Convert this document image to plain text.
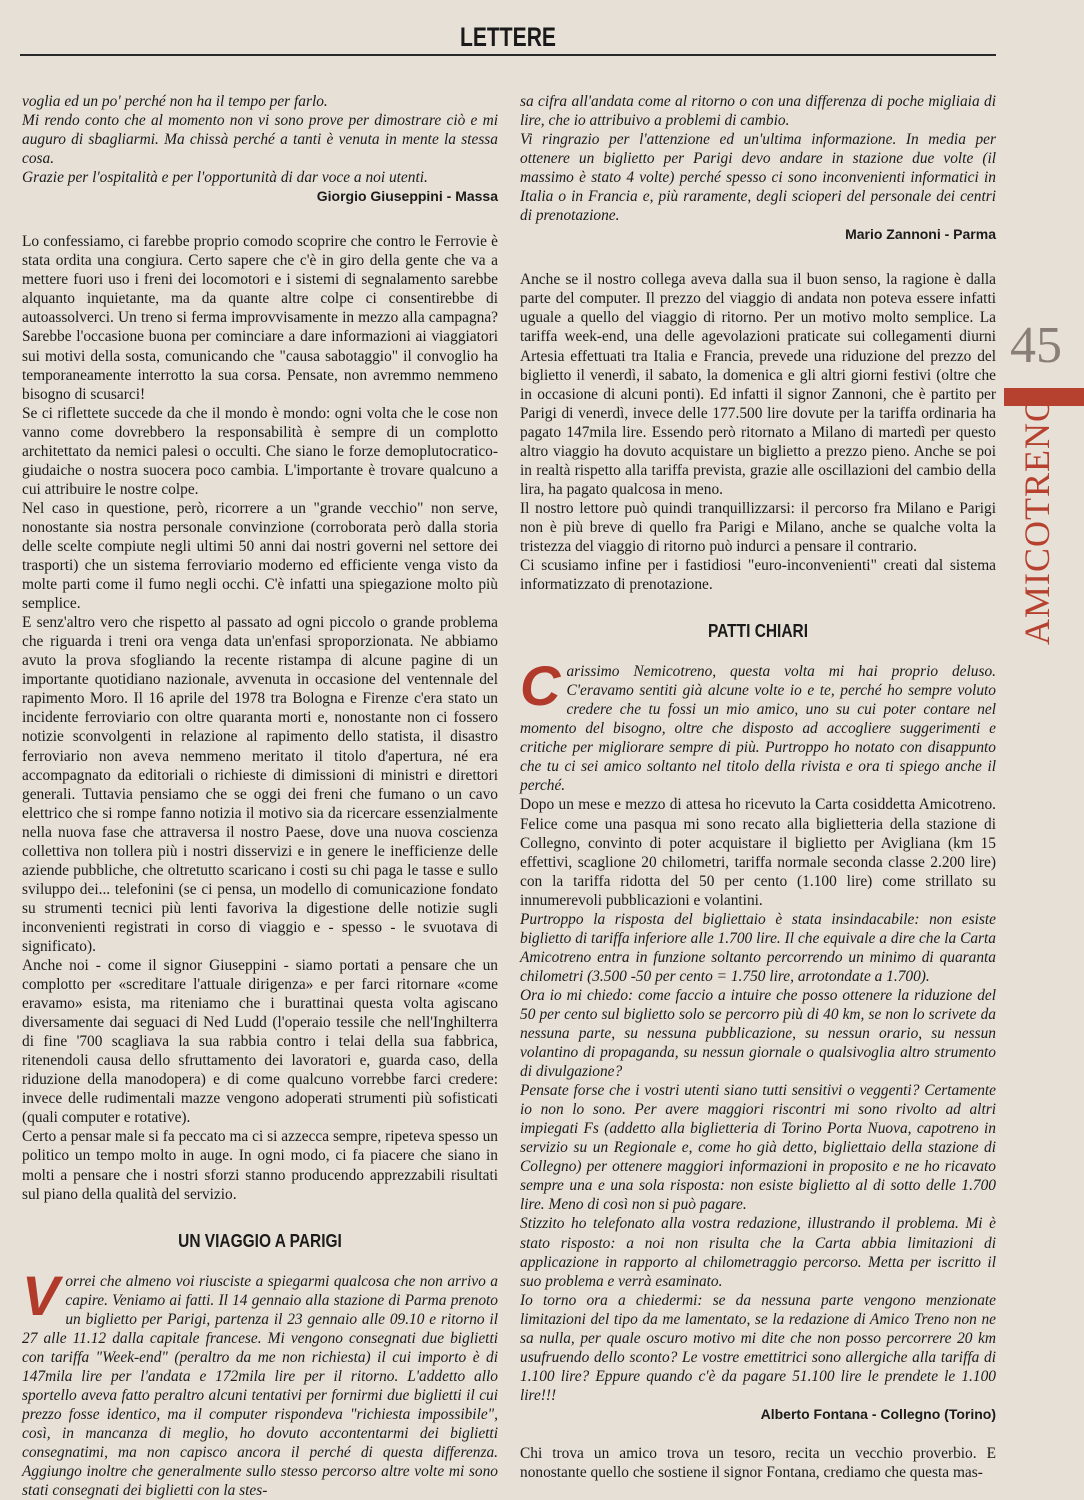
LETTERE

voglia ed un po' perché non ha il tempo per farlo.

Mi rendo conto che al momento non vi sono prove per dimostrare ciò e mi auguro di sbagliarmi. Ma chissà perché a tanti è venuta in mente la stessa cosa.

Grazie per l'ospitalità e per l'opportunità di dar voce a noi utenti.

Giorgio Giuseppini - Massa

Lo confessiamo, ci farebbe proprio comodo scoprire che contro le Ferrovie è stata ordita una congiura. Certo sapere che c'è in giro della gente che va a mettere fuori uso i freni dei locomotori e i sistemi di segnalamento sarebbe alquanto inquietante, ma da quante altre colpe ci consentirebbe di autoassolverci. Un treno si ferma improvvisamente in mezzo alla campagna? Sarebbe l'occasione buona per cominciare a dare informazioni ai viaggiatori sui motivi della sosta, comunicando che "causa sabotaggio" il convoglio ha temporaneamente interrotto la sua corsa. Pensate, non avremmo nemmeno bisogno di scusarci!

Se ci riflettete succede da che il mondo è mondo: ogni volta che le cose non vanno come dovrebbero la responsabilità è sempre di un complotto architettato da nemici palesi o occulti. Che siano le forze demoplutocratico-giudaiche o nostra suocera poco cambia. L'importante è trovare qualcuno a cui attribuire le nostre colpe.

Nel caso in questione, però, ricorrere a un "grande vecchio" non serve, nonostante sia nostra personale convinzione (corroborata però dalla storia delle scelte compiute negli ultimi 50 anni dai nostri governi nel settore dei trasporti) che un sistema ferroviario moderno ed efficiente venga visto da molte parti come il fumo negli occhi. C'è infatti una spiegazione molto più semplice.

E senz'altro vero che rispetto al passato ad ogni piccolo o grande problema che riguarda i treni ora venga data un'enfasi sproporzionata. Ne abbiamo avuto la prova sfogliando la recente ristampa di alcune pagine di un importante quotidiano nazionale, avvenuta in occasione del ventennale del rapimento Moro. Il 16 aprile del 1978 tra Bologna e Firenze c'era stato un incidente ferroviario con oltre quaranta morti e, nonostante non ci fossero notizie sconvolgenti in relazione al rapimento dello statista, il disastro ferroviario non aveva nemmeno meritato il titolo d'apertura, né era accompagnato da editoriali o richieste di dimissioni di ministri e direttori generali. Tuttavia pensiamo che se oggi dei freni che fumano o un cavo elettrico che si rompe fanno notizia il motivo sia da ricercare essenzialmente nella nuova fase che attraversa il nostro Paese, dove una nuova coscienza collettiva non tollera più i nostri disservizi e in genere le inefficienze delle aziende pubbliche, che oltretutto scaricano i costi su chi paga le tasse e sullo sviluppo dei... telefonini (se ci pensa, un modello di comunicazione fondato su strumenti tecnici più lenti favoriva la digestione delle notizie sugli inconvenienti registrati in corso di viaggio e - spesso - le svuotava di significato).

Anche noi - come il signor Giuseppini - siamo portati a pensare che un complotto per «screditare l'attuale dirigenza» e per farci ritornare «come eravamo» esista, ma riteniamo che i burattinai questa volta agiscano diversamente dai seguaci di Ned Ludd (l'operaio tessile che nell'Inghilterra di fine '700 scagliava la sua rabbia contro i telai della sua fabbrica, ritenendoli causa dello sfruttamento dei lavoratori e, guarda caso, della riduzione della manodopera) e di come qualcuno vorrebbe farci credere: invece delle rudimentali mazze vengono adoperati strumenti più sofisticati (quali computer e rotative).

Certo a pensar male si fa peccato ma ci si azzecca sempre, ripeteva spesso un politico un tempo molto in auge. In ogni modo, ci fa piacere che siano in molti a pensare che i nostri sforzi stanno producendo apprezzabili risultati sul piano della qualità del servizio.

UN VIAGGIO A PARIGI

Vorrei che almeno voi riusciste a spiegarmi qualcosa che non arrivo a capire. Veniamo ai fatti. Il 14 gennaio alla stazione di Parma prenoto un biglietto per Parigi, partenza il 23 gennaio alle 09.10 e ritorno il 27 alle 11.12 dalla capitale francese. Mi vengono consegnati due biglietti con tariffa "Week-end" (peraltro da me non richiesta) il cui importo è di 147mila lire per l'andata e 172mila lire per il ritorno. L'addetto allo sportello aveva fatto peraltro alcuni tentativi per fornirmi due biglietti il cui prezzo fosse identico, ma il computer rispondeva "richiesta impossibile", così, in mancanza di meglio, ho dovuto accontentarmi dei biglietti consegnatimi, ma non capisco ancora il perché di questa differenza. Aggiungo inoltre che generalmente sullo stesso percorso altre volte mi sono stati consegnati dei biglietti con la stes-

sa cifra all'andata come al ritorno o con una differenza di poche migliaia di lire, che io attribuivo a problemi di cambio.

Vi ringrazio per l'attenzione ed un'ultima informazione. In media per ottenere un biglietto per Parigi devo andare in stazione due volte (il massimo è stato 4 volte) perché spesso ci sono inconvenienti informatici in Italia o in Francia e, più raramente, degli scioperi del personale dei centri di prenotazione.

Mario Zannoni - Parma

Anche se il nostro collega aveva dalla sua il buon senso, la ragione è dalla parte del computer. Il prezzo del viaggio di andata non poteva essere infatti uguale a quello del viaggio di ritorno. Per un motivo molto semplice. La tariffa week-end, una delle agevolazioni praticate sui collegamenti diurni Artesia effettuati tra Italia e Francia, prevede una riduzione del prezzo del biglietto il venerdì, il sabato, la domenica e gli altri giorni festivi (oltre che in occasione di alcuni ponti). Ed infatti il signor Zannoni, che è partito per Parigi di venerdì, invece delle 177.500 lire dovute per la tariffa ordinaria ha pagato 147mila lire. Essendo però ritornato a Milano di martedì per questo altro viaggio ha dovuto acquistare un biglietto a prezzo pieno. Anche se poi in realtà rispetto alla tariffa prevista, grazie alle oscillazioni del cambio della lira, ha pagato qualcosa in meno.

Il nostro lettore può quindi tranquillizzarsi: il percorso fra Milano e Parigi non è più breve di quello fra Parigi e Milano, anche se qualche volta la tristezza del viaggio di ritorno può indurci a pensare il contrario.

Ci scusiamo infine per i fastidiosi "euro-inconvenienti" creati dal sistema informatizzato di prenotazione.

PATTI CHIARI

Carissimo Nemicotreno, questa volta mi hai proprio deluso. C'eravamo sentiti già alcune volte io e te, perché ho sempre voluto credere che tu fossi un mio amico, uno su cui poter contare nel momento del bisogno, oltre che disposto ad accogliere suggerimenti e critiche per migliorare sempre di più. Purtroppo ho notato con disappunto che tu ci sei amico soltanto nel titolo della rivista e ora ti spiego anche il perché.

Dopo un mese e mezzo di attesa ho ricevuto la Carta cosiddetta Amicotreno. Felice come una pasqua mi sono recato alla biglietteria della stazione di Collegno, convinto di poter acquistare il biglietto per Avigliana (km 15 effettivi, scaglione 20 chilometri, tariffa normale seconda classe 2.200 lire) con la tariffa ridotta del 50 per cento (1.100 lire) come strillato su innumerevoli pubblicazioni e volantini.

Purtroppo la risposta del bigliettaio è stata insindacabile: non esiste biglietto di tariffa inferiore alle 1.700 lire. Il che equivale a dire che la Carta Amicotreno entra in funzione soltanto percorrendo un minimo di quaranta chilometri (3.500 -50 per cento = 1.750 lire, arrotondate a 1.700).

Ora io mi chiedo: come faccio a intuire che posso ottenere la riduzione del 50 per cento sul biglietto solo se percorro più di 40 km, se non lo scrivete da nessuna parte, su nessuna pubblicazione, su nessun orario, su nessun volantino di propaganda, su nessun giornale o qualsivoglia altro strumento di divulgazione?

Pensate forse che i vostri utenti siano tutti sensitivi o veggenti? Certamente io non lo sono. Per avere maggiori riscontri mi sono rivolto ad altri impiegati Fs (addetto alla biglietteria di Torino Porta Nuova, capotreno in servizio su un Regionale e, come ho già detto, bigliettaio della stazione di Collegno) per ottenere maggiori informazioni in proposito e ne ho ricavato sempre una e una sola risposta: non esiste biglietto al di sotto delle 1.700 lire. Meno di così non si può pagare.

Stizzito ho telefonato alla vostra redazione, illustrando il problema. Mi è stato risposto: a noi non risulta che la Carta abbia limitazioni di applicazione in rapporto al chilometraggio percorso. Metta per iscritto il suo problema e verrà esaminato.

Io torno ora a chiedermi: se da nessuna parte vengono menzionate limitazioni del tipo da me lamentato, se la redazione di Amico Treno non ne sa nulla, per quale oscuro motivo mi dite che non posso percorrere 20 km usufruendo dello sconto? Le vostre emettitrici sono allergiche alla tariffa di 1.100 lire? Eppure quando c'è da pagare 51.100 lire le prendete le 1.100 lire!!!

Alberto Fontana - Collegno (Torino)

Chi trova un amico trova un tesoro, recita un vecchio proverbio. E nonostante quello che sostiene il signor Fontana, crediamo che questa mas-

45
AMICOTRENO
